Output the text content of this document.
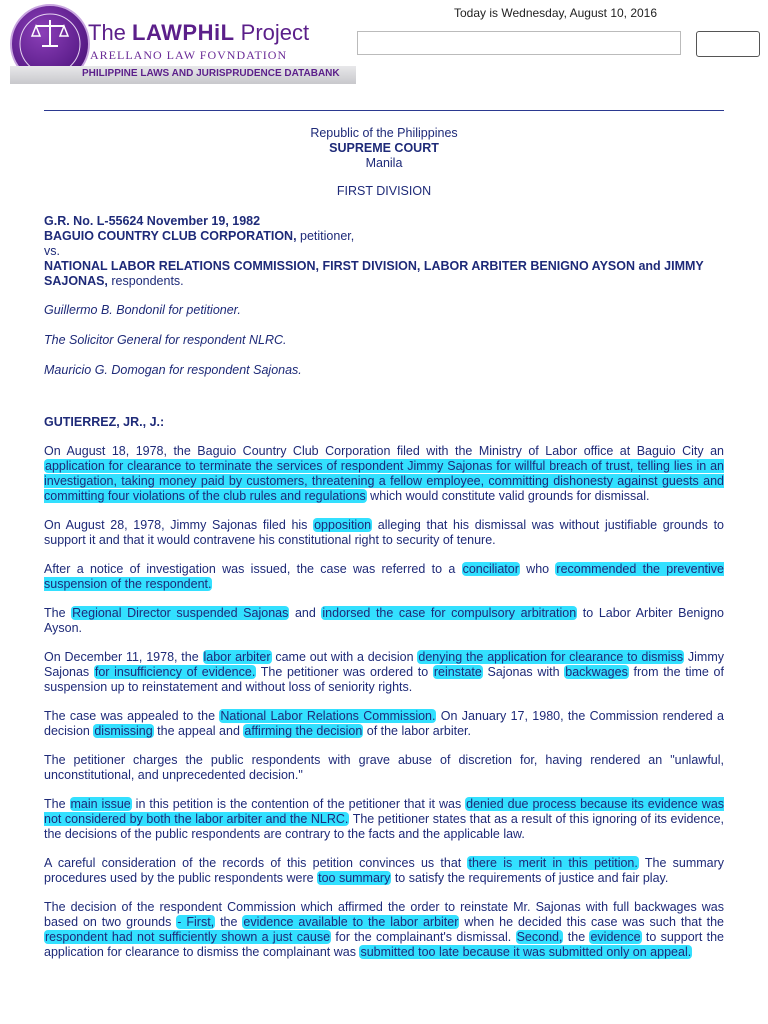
The LAWPHiL Project
ARELLANO LAW FOVNDATION
PHILIPPINE LAWS AND JURISPRUDENCE DATABANK
Today is Wednesday, August 10, 2016
Republic of the Philippines
SUPREME COURT
Manila
FIRST DIVISION
G.R. No. L-55624 November 19, 1982
BAGUIO COUNTRY CLUB CORPORATION, petitioner,
vs.
NATIONAL LABOR RELATIONS COMMISSION, FIRST DIVISION, LABOR ARBITER BENIGNO AYSON and JIMMY SAJONAS, respondents.
Guillermo B. Bondonil for petitioner.
The Solicitor General for respondent NLRC.
Mauricio G. Domogan for respondent Sajonas.
GUTIERREZ, JR., J.:

On August 18, 1978, the Baguio Country Club Corporation filed with the Ministry of Labor office at Baguio City an application for clearance to terminate the services of respondent Jimmy Sajonas for willful breach of trust, telling lies in an investigation, taking money paid by customers, threatening a fellow employee, committing dishonesty against guests and committing four violations of the club rules and regulations which would constitute valid grounds for dismissal.

On August 28, 1978, Jimmy Sajonas filed his opposition alleging that his dismissal was without justifiable grounds to support it and that it would contravene his constitutional right to security of tenure.

After a notice of investigation was issued, the case was referred to a conciliator who recommended the preventive suspension of the respondent.

The Regional Director suspended Sajonas and indorsed the case for compulsory arbitration to Labor Arbiter Benigno Ayson.

On December 11, 1978, the labor arbiter came out with a decision denying the application for clearance to dismiss Jimmy Sajonas for insufficiency of evidence. The petitioner was ordered to reinstate Sajonas with backwages from the time of suspension up to reinstatement and without loss of seniority rights.

The case was appealed to the National Labor Relations Commission. On January 17, 1980, the Commission rendered a decision dismissing the appeal and affirming the decision of the labor arbiter.

The petitioner charges the public respondents with grave abuse of discretion for, having rendered an "unlawful, unconstitutional, and unprecedented decision."

The main issue in this petition is the contention of the petitioner that it was denied due process because its evidence was not considered by both the labor arbiter and the NLRC. The petitioner states that as a result of this ignoring of its evidence, the decisions of the public respondents are contrary to the facts and the applicable law.

A careful consideration of the records of this petition convinces us that there is merit in this petition. The summary procedures used by the public respondents were too summary to satisfy the requirements of justice and fair play.

The decision of the respondent Commission which affirmed the order to reinstate Mr. Sajonas with full backwages was based on two grounds - First, the evidence available to the labor arbiter when he decided this case was such that the respondent had not sufficiently shown a just cause for the complainant's dismissal. Second, the evidence to support the application for clearance to dismiss the complainant was submitted too late because it was submitted only on appeal.
